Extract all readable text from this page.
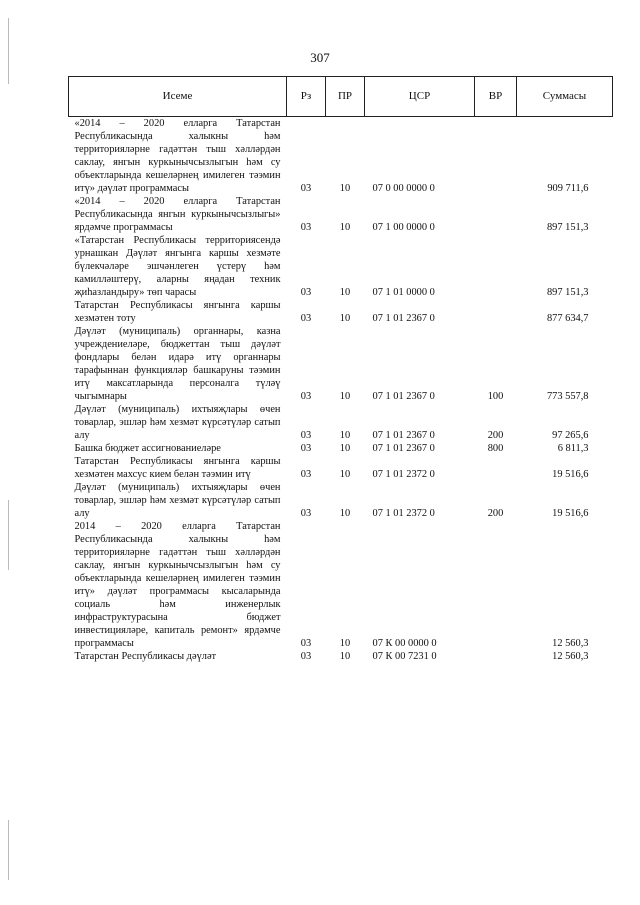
307
Исеме	Рз	ПР	ЦСР	ВР	Суммасы
«2014 – 2020 елларга Татарстан Республикасында халыкны һәм территорияләрне гадәттән тыш хәлләрдән саклау, янгын куркынычсызлыгын һәм су объектларында кешеләрнең имилеген тәэмин итү» дәүләт программасы	03	10	07 0 00 0000 0		909 711,6
«2014 – 2020 елларга Татарстан Республикасында янгын куркынычсызлыгы» ярдәмче программасы	03	10	07 1 00 0000 0		897 151,3
«Татарстан Республикасы территориясендә урнашкан Дәүләт янгынга каршы хезмәте бүлекчәләре эшчәнлеген үстерү һәм камилләштерү, аларны яңадан техник җиһазландыру» төп чарасы	03	10	07 1 01 0000 0		897 151,3
Татарстан Республикасы янгынга каршы хезмәтен тоту	03	10	07 1 01 2367 0		877 634,7
Дәүләт (муниципаль) органнары, казна учреждениеләре, бюджеттан тыш дәүләт фондлары белән идарә итү органнары тарафыннан функцияләр башкаруны тәэмин итү максатларында персоналга түләү чыгымнары	03	10	07 1 01 2367 0	100	773 557,8
Дәүләт (муниципаль) ихтыяҗлары өчен товарлар, эшләр һәм хезмәт күрсәтүләр сатып алу	03	10	07 1 01 2367 0	200	97 265,6
Башка бюджет ассигнованиеләре	03	10	07 1 01 2367 0	800	6 811,3
Татарстан Республикасы янгынга каршы хезмәтен махсус кием белән тәэмин итү	03	10	07 1 01 2372 0		19 516,6
Дәүләт (муниципаль) ихтыяҗлары өчен товарлар, эшләр һәм хезмәт күрсәтүләр сатып алу	03	10	07 1 01 2372 0	200	19 516,6
2014 – 2020 елларга Татарстан Республикасында халыкны һәм территорияләрне гадәттән тыш хәлләрдән саклау, янгын куркынычсызлыгын һәм су объектларында кешеләрнең имилеген тәэмин итү» дәүләт программасы кысаларында социаль һәм инженерлык инфраструктурасына бюджет инвестицияләре, капиталь ремонт» ярдәмче программасы	03	10	07 К 00 0000 0		12 560,3
Татарстан Республикасы дәүләт	03	10	07 К 00 7231 0		12 560,3
